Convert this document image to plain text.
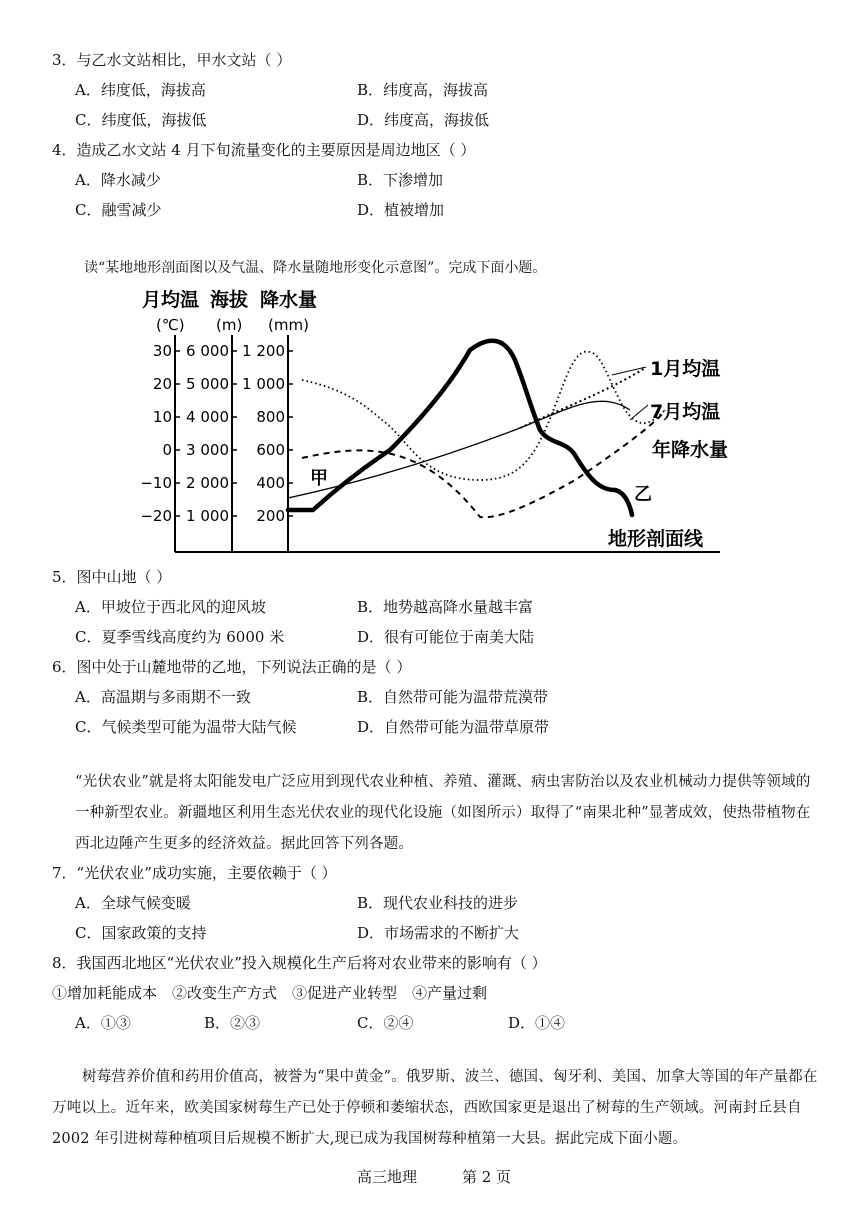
3．与乙水文站相比，甲水文站（ ）
A．纬度低，海拔高	B．纬度高，海拔高
C．纬度低，海拔低	D．纬度高，海拔低
4．造成乙水文站 4 月下旬流量变化的主要原因是周边地区（ ）
A．降水减少	B．下渗增加
C．融雪减少	D．植被增加
读“某地地形剖面图以及气温、降水量随地形变化示意图”。完成下面小题。
月均温 海拔 降水量
(℃) (m) (mm)
30
20
10
0
−10
−20
6 000
5 000
4 000
3 000
2 000
1 000
1 200
1 000
800
600
400
200
1月均温
7月均温
年降水量
地形剖面线
甲
乙
5．图中山地（ ）
A．甲坡位于西北风的迎风坡	B．地势越高降水量越丰富
C．夏季雪线高度约为 6000 米	D．很有可能位于南美大陆
6．图中处于山麓地带的乙地，下列说法正确的是（ ）
A．高温期与多雨期不一致	B．自然带可能为温带荒漠带
C．气候类型可能为温带大陆气候	D．自然带可能为温带草原带
“光伏农业”就是将太阳能发电广泛应用到现代农业种植、养殖、灌溉、病虫害防治以及农业机械动力提供等领域的一种新型农业。新疆地区利用生态光伏农业的现代化设施（如图所示）取得了“南果北种”显著成效，使热带植物在西北边陲产生更多的经济效益。据此回答下列各题。
7．“光伏农业”成功实施，主要依赖于（ ）
A．全球气候变暖	B．现代农业科技的进步
C．国家政策的支持	D．市场需求的不断扩大
8．我国西北地区“光伏农业”投入规模化生产后将对农业带来的影响有（ ）
①增加耗能成本　②改变生产方式　③促进产业转型　④产量过剩
A．①③	B．②③	C．②④	D．①④
树莓营养价值和药用价值高，被誉为“果中黄金”。俄罗斯、波兰、德国、匈牙利、美国、加拿大等国的年产量都在万吨以上。近年来，欧美国家树莓生产已处于停顿和萎缩状态，西欧国家更是退出了树莓的生产领域。河南封丘县自 2002 年引进树莓种植项目后规模不断扩大,现已成为我国树莓种植第一大县。据此完成下面小题。
高三地理　　　第 2 页
